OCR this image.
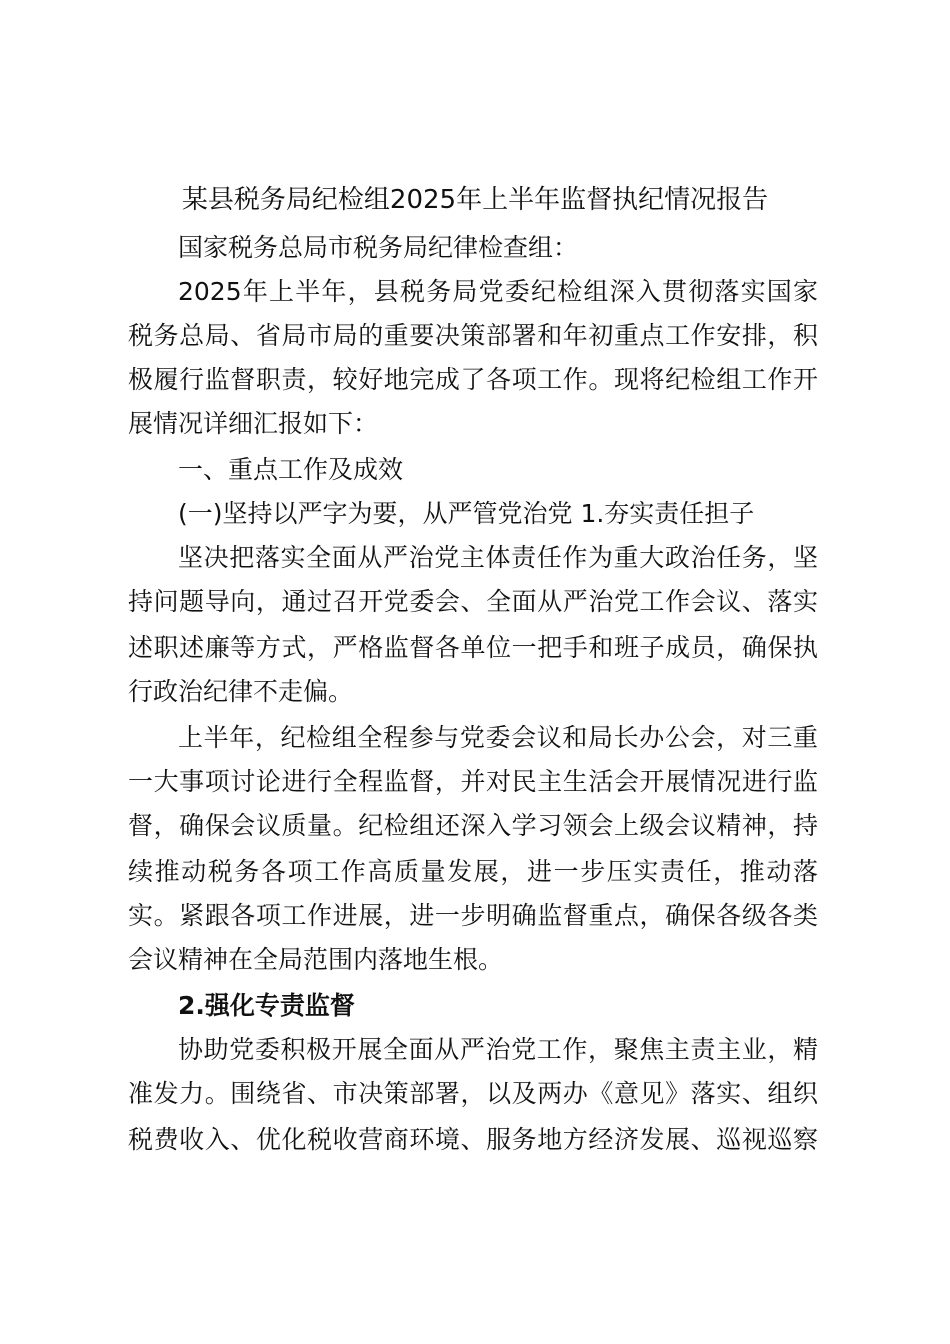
某县税务局纪检组2025年上半年监督执纪情况报告

国家税务总局市税务局纪律检查组：

2025年上半年，县税务局党委纪检组深入贯彻落实国家

税务总局、省局市局的重要决策部署和年初重点工作安排，积

极履行监督职责，较好地完成了各项工作。现将纪检组工作开

展情况详细汇报如下：

一、重点工作及成效

(一)坚持以严字为要，从严管党治党 1.夯实责任担子

坚决把落实全面从严治党主体责任作为重大政治任务，坚

持问题导向，通过召开党委会、全面从严治党工作会议、落实

述职述廉等方式，严格监督各单位一把手和班子成员，确保执

行政治纪律不走偏。

上半年，纪检组全程参与党委会议和局长办公会，对三重

一大事项讨论进行全程监督，并对民主生活会开展情况进行监

督，确保会议质量。纪检组还深入学习领会上级会议精神，持

续推动税务各项工作高质量发展，进一步压实责任，推动落

实。紧跟各项工作进展，进一步明确监督重点，确保各级各类

会议精神在全局范围内落地生根。

2.强化专责监督

协助党委积极开展全面从严治党工作，聚焦主责主业，精

准发力。围绕省、市决策部署，以及两办《意见》落实、组织

税费收入、优化税收营商环境、服务地方经济发展、巡视巡察
